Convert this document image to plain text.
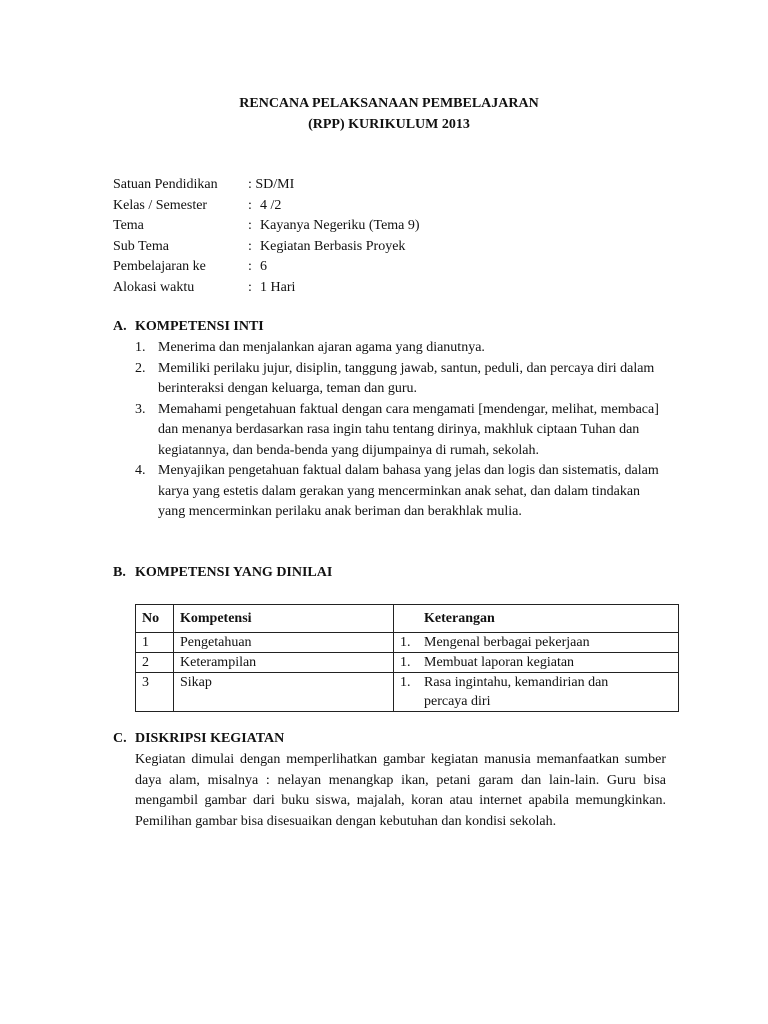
RENCANA PELAKSANAAN PEMBELAJARAN
(RPP) KURIKULUM 2013
Satuan Pendidikan	: SD/MI
Kelas / Semester	: 4 /2
Tema	: Kayanya Negeriku (Tema 9)
Sub Tema	: Kegiatan Berbasis Proyek
Pembelajaran ke	: 6
Alokasi waktu	: 1 Hari
A. KOMPETENSI INTI
1. Menerima dan menjalankan ajaran agama yang dianutnya.
2. Memiliki perilaku jujur, disiplin, tanggung jawab, santun, peduli, dan percaya diri dalam berinteraksi dengan keluarga, teman dan guru.
3. Memahami pengetahuan faktual dengan cara mengamati [mendengar, melihat, membaca] dan menanya berdasarkan rasa ingin tahu tentang dirinya, makhluk ciptaan Tuhan dan kegiatannya, dan benda-benda yang dijumpainya di rumah, sekolah.
4. Menyajikan pengetahuan faktual dalam bahasa yang jelas dan logis dan sistematis, dalam karya yang estetis dalam gerakan yang mencerminkan anak sehat, dan dalam tindakan yang mencerminkan perilaku anak beriman dan berakhlak mulia.
B. KOMPETENSI YANG DINILAI
No	Kompetensi	Keterangan
1	Pengetahuan	1. Mengenal berbagai pekerjaan
2	Keterampilan	1. Membuat laporan kegiatan
3	Sikap	1. Rasa ingintahu, kemandirian dan percaya diri
C. DISKRIPSI KEGIATAN

Kegiatan dimulai dengan memperlihatkan gambar kegiatan manusia memanfaatkan sumber daya alam, misalnya : nelayan menangkap ikan, petani garam dan lain-lain. Guru bisa mengambil gambar dari buku siswa, majalah, koran atau internet apabila memungkinkan. Pemilihan gambar bisa disesuaikan dengan kebutuhan dan kondisi sekolah.
